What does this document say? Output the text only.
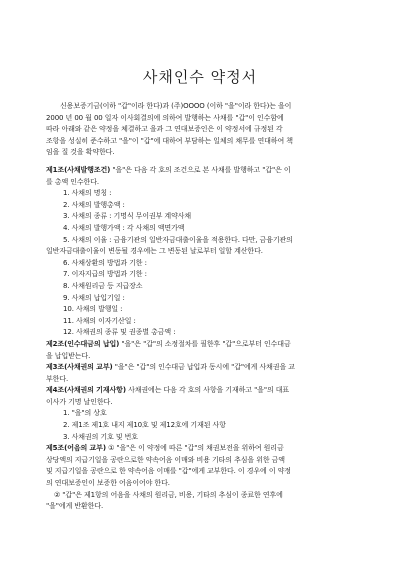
사채인수 약정서

신용보증기금(이하 "갑"이라 한다)과 (주)OOOO (이하 "을"이라 한다)는 을이

2000 년 00 월 00 일자 이사회결의에 의하여 발행하는 사채를 "갑"이 인수함에

따라 아래와 같은 약정을 체결하고 을과 그 연대보증인은 이 약정서에 규정된 각

조항을 성실히 준수하고 "을"이 "갑"에 대하여 부담하는 일체의 채무를 연대하여 책

임을 질 것을 확약한다.

제1조(사채발행조건) "을"은 다음 각 호의 조건으로 본 사채를 발행하고 "갑"은 이

를 총액 인수한다.

1. 사채의 명칭 :

2. 사채의 발행총액 :

3. 사채의 종류 : 기명식 무이권부 계약사채

4. 사채의 발행가액 : 각 사채의 액면가액

5. 사채의 이율 : 금융기관의 일반자금대출이율을 적용한다. 다만, 금융기관의

일반자금대출이율이 변동될 경우에는 그 변동된 날로부터 일할 계산한다.

6. 사채상환의 방법과 기한 :

7. 이자지급의 방법과 기한 :

8. 사채원리금 등 지급장소

9. 사채의 납입기일 :

10. 사채의 발행일 :

11. 사채의 이자기산일 :

12. 사채권의 종류 및 권종별 총금액 :

제2조(인수대금의 납입) "을"은 "갑"의 소정절차를 필한후 "갑"으로부터 인수대금

을 납입받는다.

제3조(사채권의 교부) "을"은 "갑"의 인수대금 납입과 동시에 "갑"에게 사채권을 교

부한다.

제4조(사채권의 기재사항) 사채권에는 다음 각 호의 사항을 기재하고 "을"의 대표

이사가 기명 날인한다.

1. "을"의 상호

2. 제1조 제1호 내지 제10호 및 제12호에 기재된 사항

3. 사채권의 기호 및 번호

제5조(어음의 교부) ① "을"은 이 약정에 따른 "갑"의 채권보전을 위하여 원리금

상당액의 지급기일을 공란으로한 약속어음 이매와 비용 기타의 추심을 위한 금액

및 지급기일을 공란으로 한 약속어음 이매를 "갑"에게 교부한다. 이 경우에 이 약정

의 연대보증인이 보증한 어음이어야 한다.

② "갑"은 제1항의 어음을 사채의 원리금, 비용, 기타의 추심이 종료한 연후에

"을"에게 반환한다.
